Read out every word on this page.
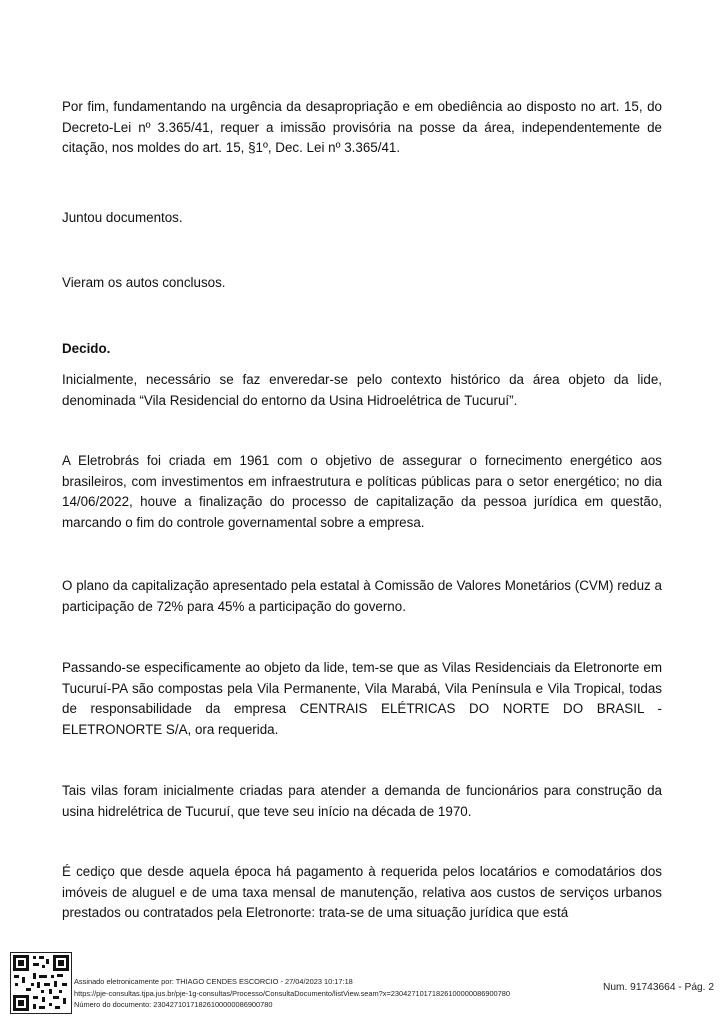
Por fim, fundamentando na urgência da desapropriação e em obediência ao disposto no art. 15, do Decreto-Lei nº 3.365/41, requer a imissão provisória na posse da área, independentemente de citação, nos moldes do art. 15, §1º, Dec. Lei nº 3.365/41.

Juntou documentos.

Vieram os autos conclusos.

Decido.

Inicialmente, necessário se faz enveredar-se pelo contexto histórico da área objeto da lide, denominada “Vila Residencial do entorno da Usina Hidroelétrica de Tucuruí”.

A Eletrobrás foi criada em 1961 com o objetivo de assegurar o fornecimento energético aos brasileiros, com investimentos em infraestrutura e políticas públicas para o setor energético; no dia 14/06/2022, houve a finalização do processo de capitalização da pessoa jurídica em questão, marcando o fim do controle governamental sobre a empresa.

O plano da capitalização apresentado pela estatal à Comissão de Valores Monetários (CVM) reduz a participação de 72% para 45% a participação do governo.

Passando-se especificamente ao objeto da lide, tem-se que as Vilas Residenciais da Eletronorte em Tucuruí-PA são compostas pela Vila Permanente, Vila Marabá, Vila Península e Vila Tropical, todas de responsabilidade da empresa CENTRAIS ELÉTRICAS DO NORTE DO BRASIL - ELETRONORTE S/A, ora requerida.

Tais vilas foram inicialmente criadas para atender a demanda de funcionários para construção da usina hidrelétrica de Tucuruí, que teve seu início na década de 1970.

É cediço que desde aquela época há pagamento à requerida pelos locatários e comodatários dos imóveis de aluguel e de uma taxa mensal de manutenção, relativa aos custos de serviços urbanos prestados ou contratados pela Eletronorte: trata-se de uma situação jurídica que está

Assinado eletronicamente por: THIAGO CENDES ESCORCIO - 27/04/2023 10:17:18
https://pje-consultas.tjpa.jus.br/pje-1g-consultas/Processo/ConsultaDocumento/listView.seam?x=23042710171826100000086900780
Número do documento: 23042710171826100000086900780
Num. 91743664 - Pág. 2
